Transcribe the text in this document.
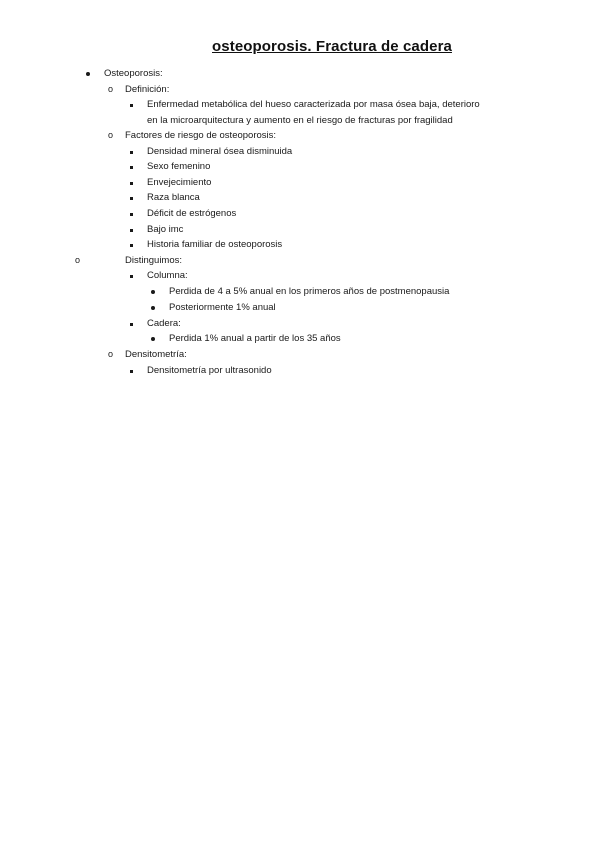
osteoporosis. Fractura de cadera
Osteoporosis:
o Definición:
Enfermedad metabólica del hueso caracterizada por masa ósea baja, deterioro
en la microarquitectura y aumento en el riesgo de fracturas por fragilidad
o Factores de riesgo de osteoporosis:
Densidad mineral ósea disminuida
Sexo femenino
Envejecimiento
Raza blanca
Déficit de estrógenos
Bajo imc
Historia familiar de osteoporosis
o	Distinguimos:
Columna:
Perdida de 4 a 5% anual en los primeros años de postmenopausia
Posteriormente 1% anual
Cadera:
Perdida 1% anual a partir de los 35 años
o Densitometría:
Densitometría por ultrasonido
